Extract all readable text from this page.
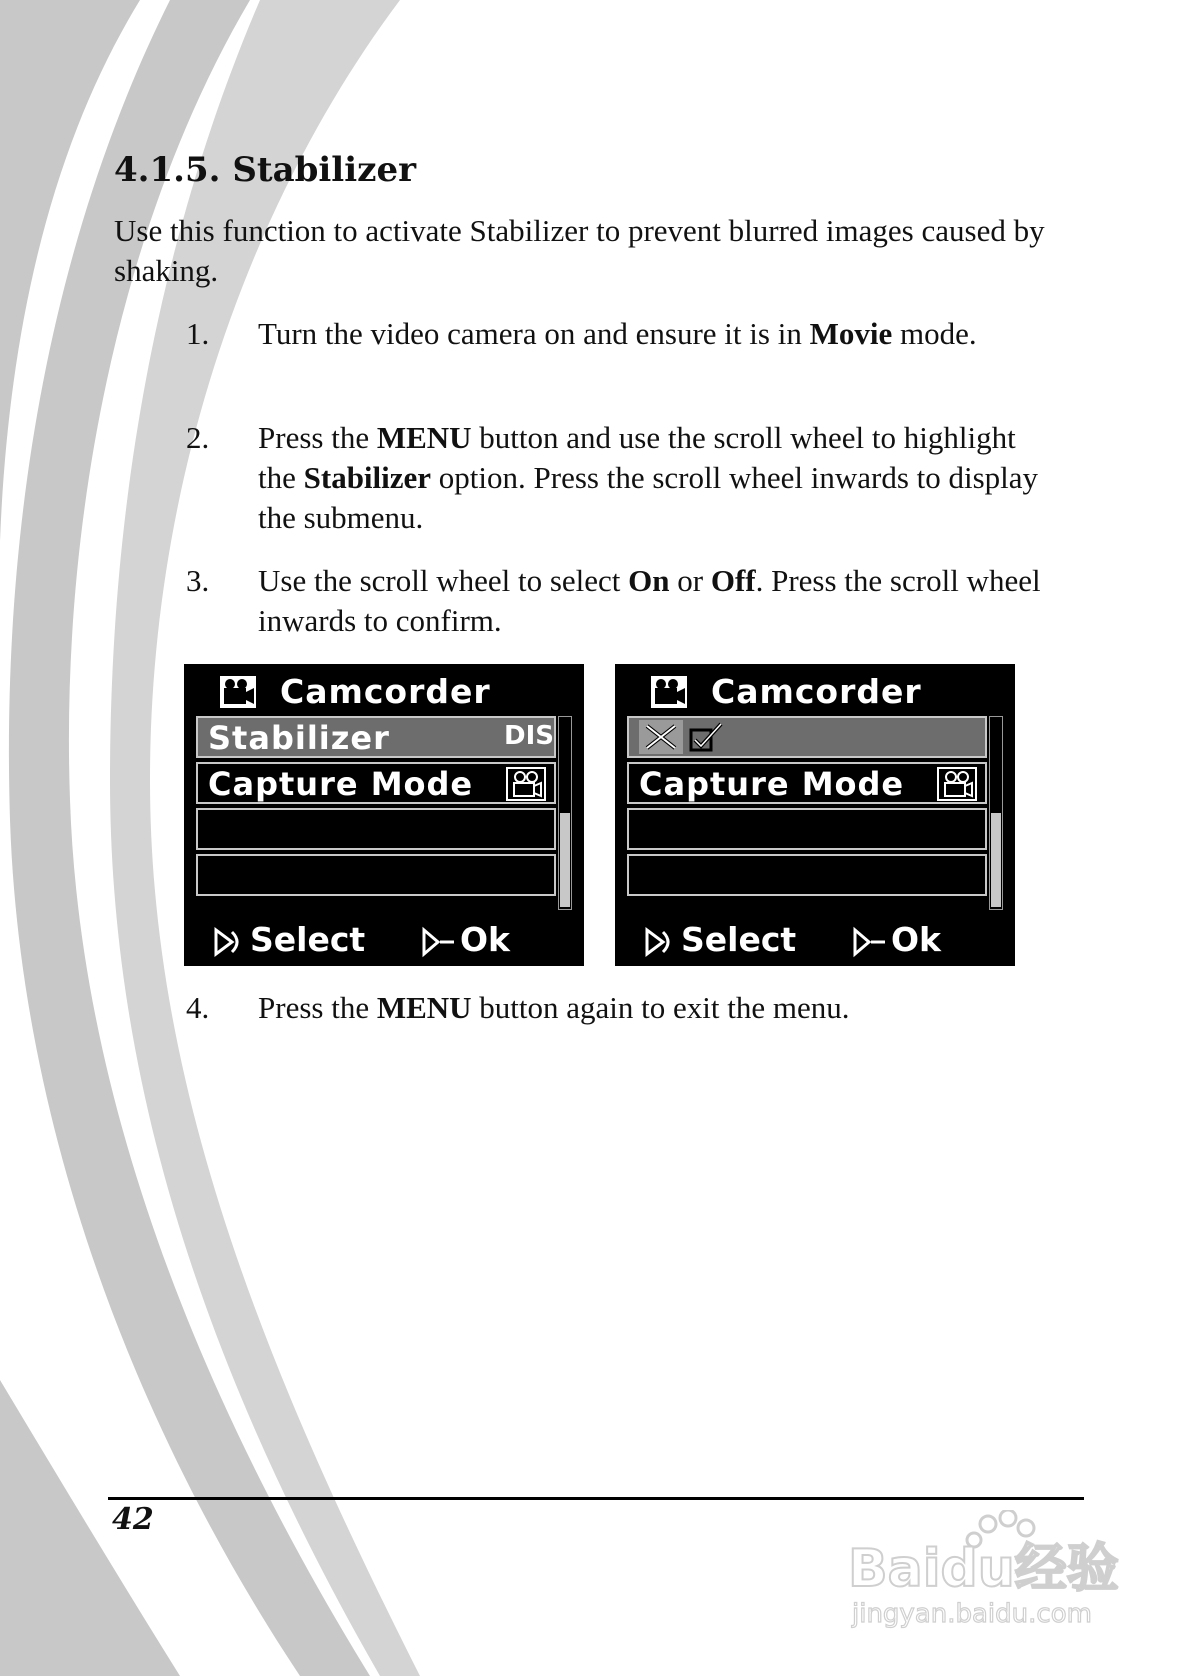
4.1.5. Stabilizer

Use this function to activate Stabilizer to prevent blurred images caused by shaking.

1.	Turn the video camera on and ensure it is in Movie mode.
2.	Press the MENU button and use the scroll wheel to highlight the Stabilizer option. Press the scroll wheel inwards to display the submenu.
3.	Use the scroll wheel to select On or Off. Press the scroll wheel inwards to confirm.
4.	Press the MENU button again to exit the menu.
Camcorder
Stabilizer	DIS
Capture Mode
Select	Ok
Camcorder
Capture Mode
Select	Ok
42
Baidu经验
jingyan.baidu.com
